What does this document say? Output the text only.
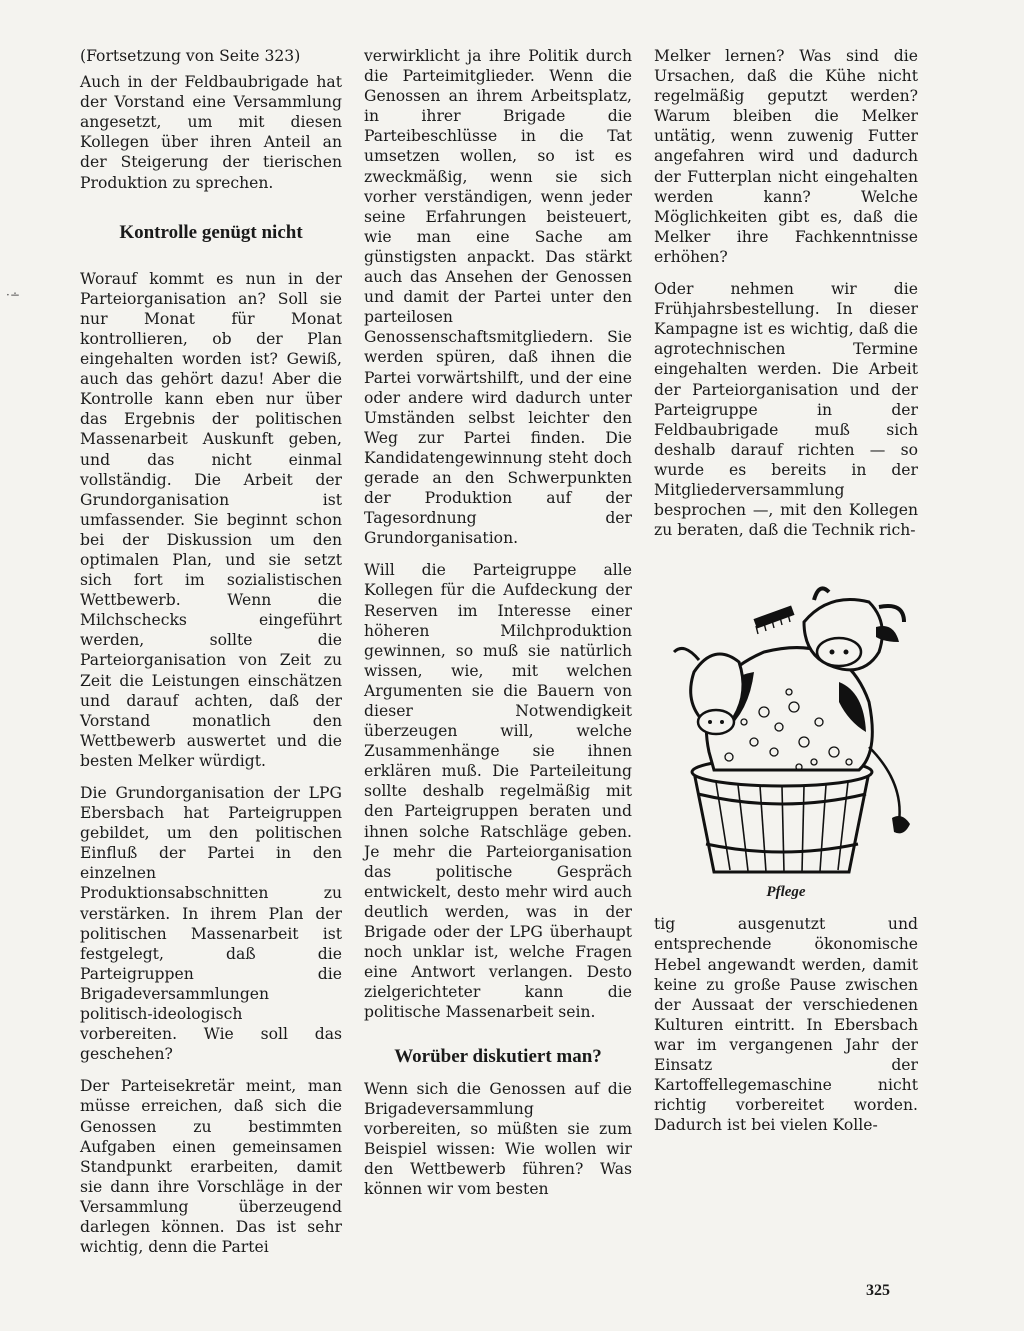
·∸

(Fortsetzung von Seite 323)

Auch in der Feldbaubrigade hat der Vorstand eine Versammlung angesetzt, um mit diesen Kollegen über ihren Anteil an der Steigerung der tierischen Produktion zu sprechen.

Kontrolle genügt nicht

Worauf kommt es nun in der Parteiorganisation an? Soll sie nur Monat für Monat kontrollieren, ob der Plan eingehalten worden ist? Gewiß, auch das gehört dazu! Aber die Kontrolle kann eben nur über das Ergebnis der politischen Massenarbeit Auskunft geben, und das nicht einmal vollständig. Die Arbeit der Grundorganisation ist umfassender. Sie beginnt schon bei der Diskussion um den optimalen Plan, und sie setzt sich fort im sozialistischen Wettbewerb. Wenn die Milchschecks eingeführt werden, sollte die Parteiorganisation von Zeit zu Zeit die Leistungen einschätzen und darauf achten, daß der Vorstand monatlich den Wettbewerb auswertet und die besten Melker würdigt.

Die Grundorganisation der LPG Ebersbach hat Parteigruppen gebildet, um den politischen Einfluß der Partei in den einzelnen Produktionsabschnitten zu verstärken. In ihrem Plan der politischen Massenarbeit ist festgelegt, daß die Parteigruppen die Brigadeversammlungen politisch-ideologisch vorbereiten. Wie soll das geschehen?

Der Parteisekretär meint, man müsse erreichen, daß sich die Genossen zu bestimmten Aufgaben einen gemeinsamen Standpunkt erarbeiten, damit sie dann ihre Vorschläge in der Versammlung überzeugend darlegen können. Das ist sehr wichtig, denn die Partei

verwirklicht ja ihre Politik durch die Parteimitglieder. Wenn die Genossen an ihrem Arbeitsplatz, in ihrer Brigade die Parteibeschlüsse in die Tat umsetzen wollen, so ist es zweckmäßig, wenn sie sich vorher verständigen, wenn jeder seine Erfahrungen beisteuert, wie man eine Sache am günstigsten anpackt. Das stärkt auch das Ansehen der Genossen und damit der Partei unter den parteilosen Genossenschaftsmitgliedern. Sie werden spüren, daß ihnen die Partei vorwärtshilft, und der eine oder andere wird dadurch unter Umständen selbst leichter den Weg zur Partei finden. Die Kandidatengewinnung steht doch gerade an den Schwerpunkten der Produktion auf der Tagesordnung der Grundorganisation.

Will die Parteigruppe alle Kollegen für die Aufdeckung der Reserven im Interesse einer höheren Milchproduktion gewinnen, so muß sie natürlich wissen, wie, mit welchen Argumenten sie die Bauern von dieser Notwendigkeit überzeugen will, welche Zusammenhänge sie ihnen erklären muß. Die Parteileitung sollte deshalb regelmäßig mit den Parteigruppen beraten und ihnen solche Ratschläge geben. Je mehr die Parteiorganisation das politische Gespräch entwickelt, desto mehr wird auch deutlich werden, was in der Brigade oder der LPG überhaupt noch unklar ist, welche Fragen eine Antwort verlangen. Desto zielgerichteter kann die politische Massenarbeit sein.

Worüber diskutiert man?

Wenn sich die Genossen auf die Brigadeversammlung vorbereiten, so müßten sie zum Beispiel wissen: Wie wollen wir den Wettbewerb führen? Was können wir vom besten

Melker lernen? Was sind die Ursachen, daß die Kühe nicht regelmäßig geputzt werden? Warum bleiben die Melker untätig, wenn zuwenig Futter angefahren wird und dadurch der Futterplan nicht eingehalten werden kann? Welche Möglichkeiten gibt es, daß die Melker ihre Fachkenntnisse erhöhen?

Oder nehmen wir die Frühjahrsbestellung. In dieser Kampagne ist es wichtig, daß die agrotechnischen Termine eingehalten werden. Die Arbeit der Parteiorganisation und der Parteigruppe in der Feldbaubrigade muß sich deshalb darauf richten — so wurde es bereits in der Mitgliederversammlung besprochen —, mit den Kollegen zu beraten, daß die Technik rich-

Pflege

tig ausgenutzt und entsprechende ökonomische Hebel angewandt werden, damit keine zu große Pause zwischen der Aussaat der verschiedenen Kulturen eintritt. In Ebersbach war im vergangenen Jahr der Einsatz der Kartoffellegemaschine nicht richtig vorbereitet worden. Dadurch ist bei vielen Kolle-

325
